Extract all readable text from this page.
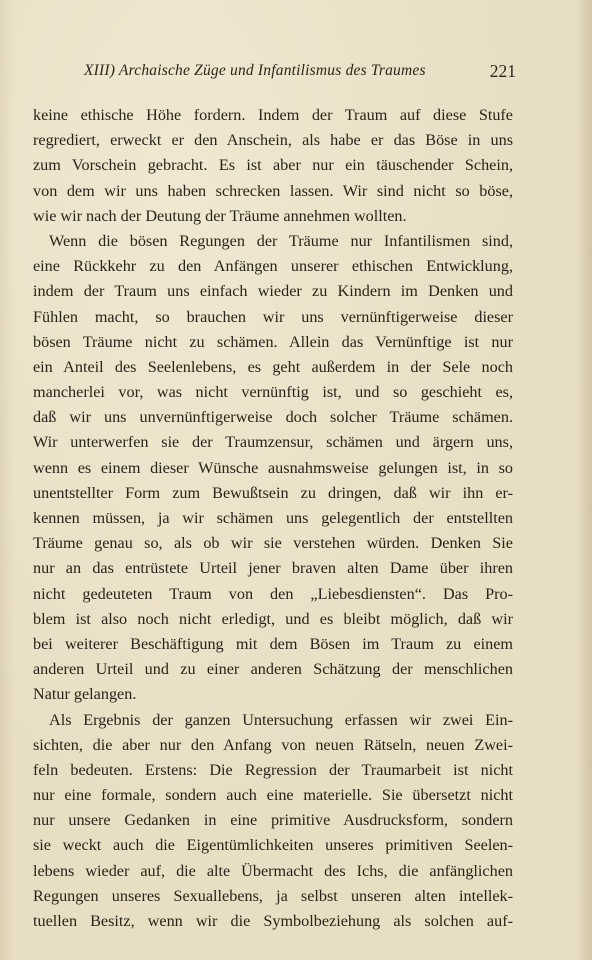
XIII) Archaische Züge und Infantilismus des Traumes	221
keine ethische Höhe fordern. Indem der Traum auf diese Stufe
regrediert, erweckt er den Anschein, als habe er das Böse in uns
zum Vorschein gebracht. Es ist aber nur ein täuschender Schein,
von dem wir uns haben schrecken lassen. Wir sind nicht so böse,
wie wir nach der Deutung der Träume annehmen wollten.
Wenn die bösen Regungen der Träume nur Infantilismen sind,
eine Rückkehr zu den Anfängen unserer ethischen Entwicklung,
indem der Traum uns einfach wieder zu Kindern im Denken und
Fühlen macht, so brauchen wir uns vernünftigerweise dieser
bösen Träume nicht zu schämen. Allein das Vernünftige ist nur
ein Anteil des Seelenlebens, es geht außerdem in der Sele noch
mancherlei vor, was nicht vernünftig ist, und so geschieht es,
daß wir uns unvernünftigerweise doch solcher Träume schämen.
Wir unterwerfen sie der Traumzensur, schämen und ärgern uns,
wenn es einem dieser Wünsche ausnahmsweise gelungen ist, in so
unentstellter Form zum Bewußtsein zu dringen, daß wir ihn er-
kennen müssen, ja wir schämen uns gelegentlich der entstellten
Träume genau so, als ob wir sie verstehen würden. Denken Sie
nur an das entrüstete Urteil jener braven alten Dame über ihren
nicht gedeuteten Traum von den „Liebesdiensten“. Das Pro-
blem ist also noch nicht erledigt, und es bleibt möglich, daß wir
bei weiterer Beschäftigung mit dem Bösen im Traum zu einem
anderen Urteil und zu einer anderen Schätzung der menschlichen
Natur gelangen.
Als Ergebnis der ganzen Untersuchung erfassen wir zwei Ein-
sichten, die aber nur den Anfang von neuen Rätseln, neuen Zwei-
feln bedeuten. Erstens: Die Regression der Traumarbeit ist nicht
nur eine formale, sondern auch eine materielle. Sie übersetzt nicht
nur unsere Gedanken in eine primitive Ausdrucksform, sondern
sie weckt auch die Eigentümlichkeiten unseres primitiven Seelen-
lebens wieder auf, die alte Übermacht des Ichs, die anfänglichen
Regungen unseres Sexuallebens, ja selbst unseren alten intellek-
tuellen Besitz, wenn wir die Symbolbeziehung als solchen auf-
